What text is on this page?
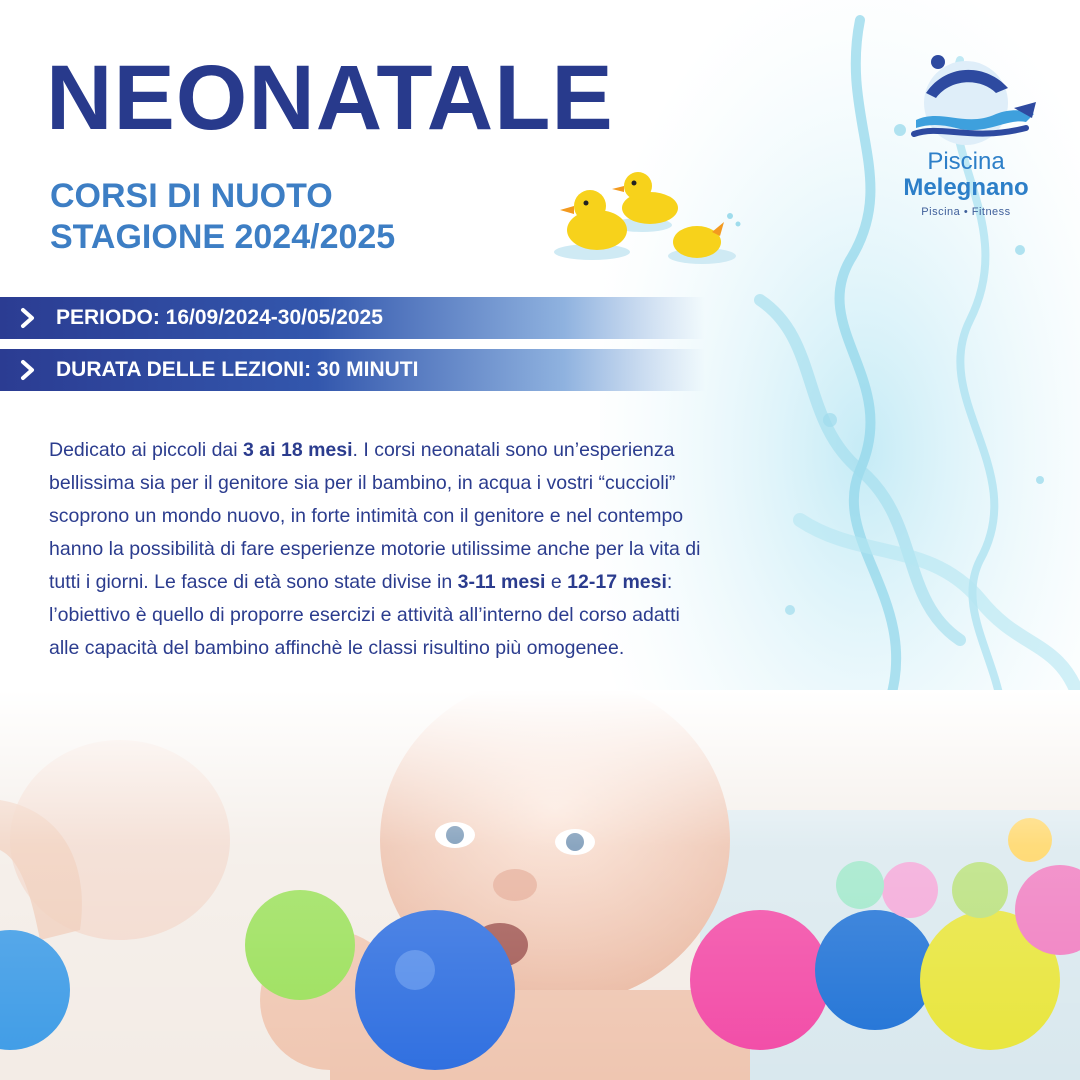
NEONATALE
CORSI DI NUOTO
STAGIONE 2024/2025
Piscina
Melegnano
Piscina • Fitness
PERIODO: 16/09/2024-30/05/2025
DURATA DELLE LEZIONI: 30 MINUTI

Dedicato ai piccoli dai 3 ai 18 mesi. I corsi neonatali sono un’esperienza bellissima sia per il genitore sia per il bambino, in acqua i vostri “cuccioli” scoprono un mondo nuovo, in forte intimità con il genitore e nel contempo hanno la possibilità di fare esperienze motorie utilissime anche per la vita di tutti i giorni. Le fasce di età sono state divise in 3-11 mesi e 12-17 mesi: l’obiettivo è quello di proporre esercizi e attività all’interno del corso adatti alle capacità del bambino affinchè le classi risultino più omogenee.
